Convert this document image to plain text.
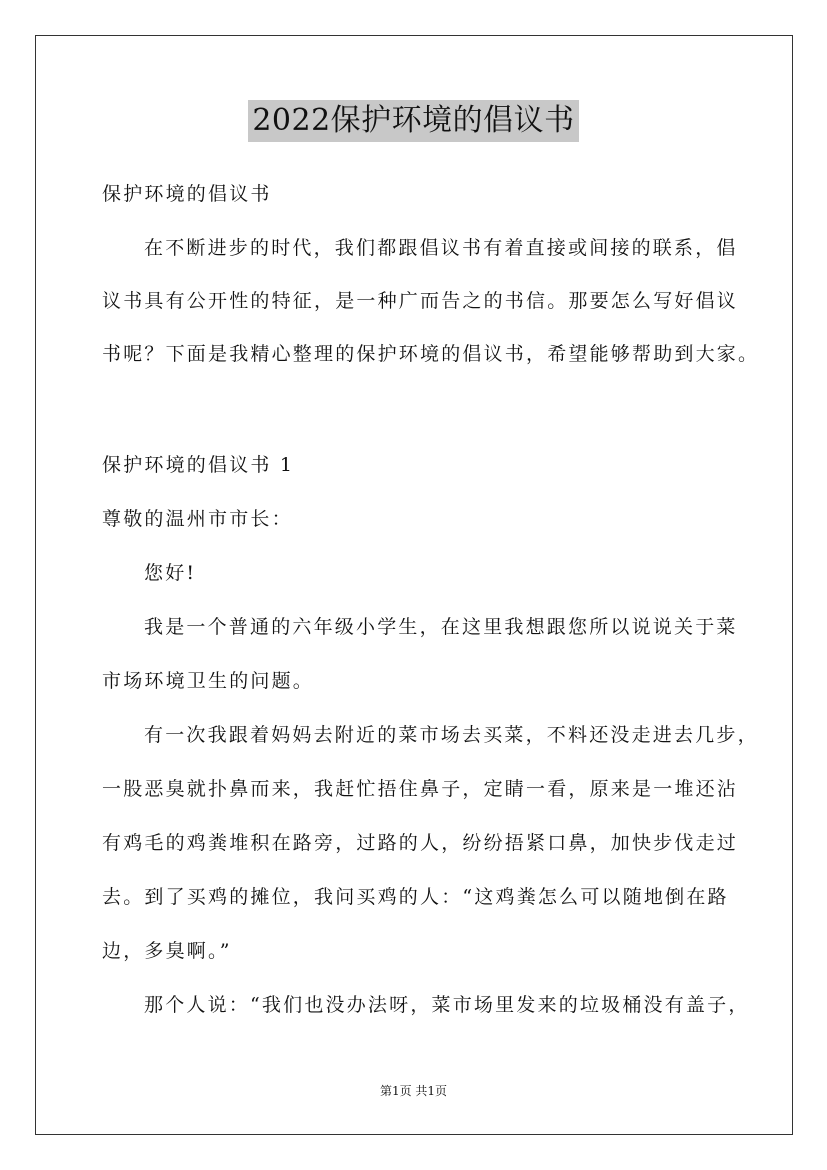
2022保护环境的倡议书
保护环境的倡议书
在不断进步的时代，我们都跟倡议书有着直接或间接的联系，倡
议书具有公开性的特征，是一种广而告之的书信。那要怎么写好倡议
书呢？下面是我精心整理的保护环境的倡议书，希望能够帮助到大家。
保护环境的倡议书 1
尊敬的温州市市长：
您好!
我是一个普通的六年级小学生，在这里我想跟您所以说说关于菜
市场环境卫生的问题。
有一次我跟着妈妈去附近的菜市场去买菜，不料还没走进去几步，
一股恶臭就扑鼻而来，我赶忙捂住鼻子，定睛一看，原来是一堆还沾
有鸡毛的鸡粪堆积在路旁，过路的人，纷纷捂紧口鼻，加快步伐走过
去。到了买鸡的摊位，我问买鸡的人：“这鸡粪怎么可以随地倒在路
边，多臭啊。”
那个人说：“我们也没办法呀，菜市场里发来的垃圾桶没有盖子，
第1页 共1页
